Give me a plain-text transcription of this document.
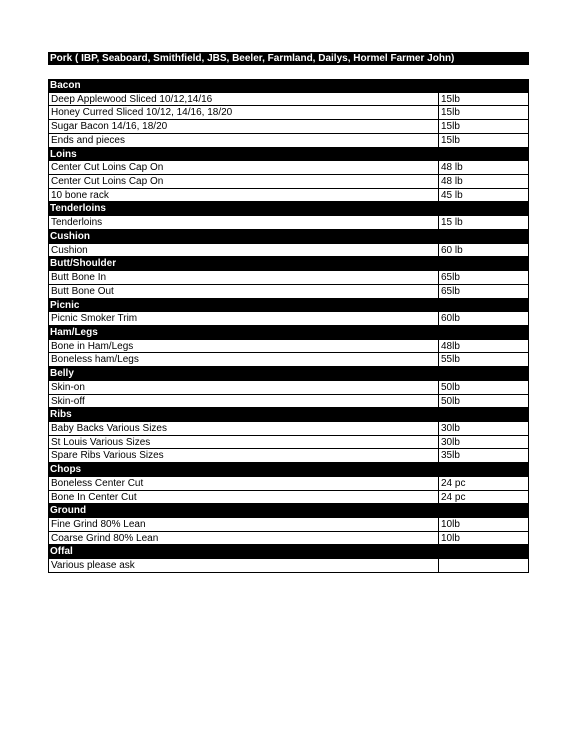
Pork ( IBP, Seaboard, Smithfield, JBS, Beeler, Farmland, Dailys, Hormel Farmer John)
Bacon
Deep Applewood Sliced 10/12,14/16	15lb
Honey Curred Sliced 10/12, 14/16, 18/20	15lb
Sugar Bacon 14/16, 18/20	15lb
Ends and pieces	15lb
Loins
Center Cut Loins Cap On	48 lb
Center Cut Loins Cap On	48 lb
10 bone rack	45 lb
Tenderloins
Tenderloins	15 lb
Cushion
Cushion	60 lb
Butt/Shoulder
Butt Bone In	65lb
Butt Bone Out	65lb
Picnic
Picnic Smoker Trim	60lb
Ham/Legs
Bone in Ham/Legs	48lb
Boneless ham/Legs	55lb
Belly
Skin-on	50lb
Skin-off	50lb
Ribs
Baby Backs Various Sizes	30lb
St Louis Various Sizes	30lb
Spare Ribs Various Sizes	35lb
Chops
Boneless Center Cut	24 pc
Bone In Center Cut	24 pc
Ground
Fine Grind 80% Lean	10lb
Coarse Grind 80% Lean	10lb
Offal
Various please ask
